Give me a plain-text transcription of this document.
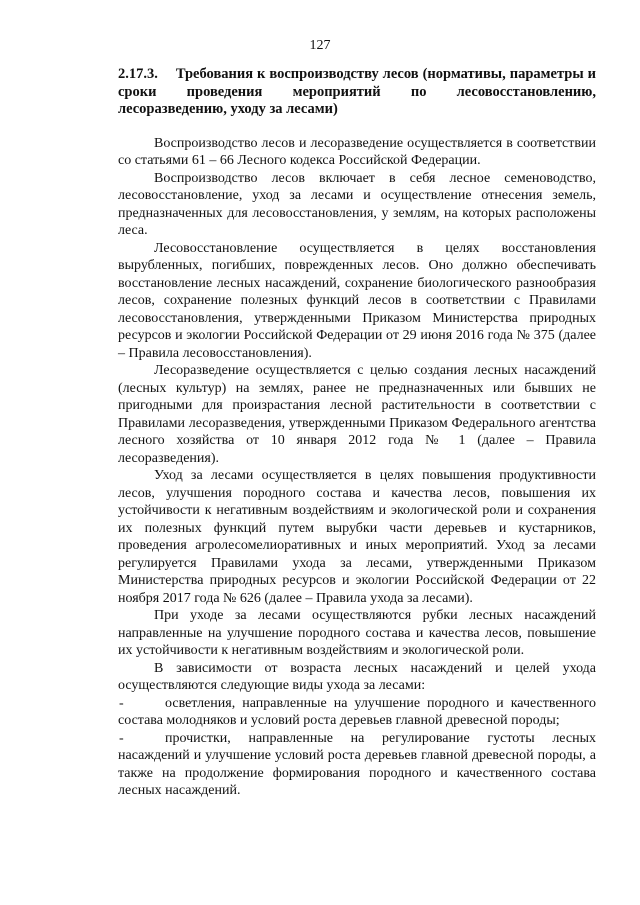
127
2.17.3. Требования к воспроизводству лесов (нормативы, параметры и сроки проведения мероприятий по лесовосстановлению, лесоразведению, уходу за лесами)

Воспроизводство лесов и лесоразведение осуществляется в соответствии со статьями 61 – 66 Лесного кодекса Российской Федерации.

Воспроизводство лесов включает в себя лесное семеноводство, лесовосстановление, уход за лесами и осуществление отнесения земель, предназначенных для лесовосстановления, у землям, на которых расположены леса.

Лесовосстановление осуществляется в целях восстановления вырубленных, погибших, поврежденных лесов. Оно должно обеспечивать восстановление лесных насаждений, сохранение биологического разнообразия лесов, сохранение полезных функций лесов в соответствии с Правилами лесовосстановления, утвержденными Приказом Министерства природных ресурсов и экологии Российской Федерации от 29 июня 2016 года № 375 (далее – Правила лесовосстановления).

Лесоразведение осуществляется с целью создания лесных насаждений (лесных культур) на землях, ранее не предназначенных или бывших не пригодными для произрастания лесной растительности в соответствии с Правилами лесоразведения, утвержденными Приказом Федерального агентства лесного хозяйства от 10 января 2012 года № 1 (далее – Правила лесоразведения).

Уход за лесами осуществляется в целях повышения продуктивности лесов, улучшения породного состава и качества лесов, повышения их устойчивости к негативным воздействиям и экологической роли и сохранения их полезных функций путем вырубки части деревьев и кустарников, проведения агролесомелиоративных и иных мероприятий. Уход за лесами регулируется Правилами ухода за лесами, утвержденными Приказом Министерства природных ресурсов и экологии Российской Федерации от 22 ноября 2017 года № 626 (далее – Правила ухода за лесами).

При уходе за лесами осуществляются рубки лесных насаждений направленные на улучшение породного состава и качества лесов, повышение их устойчивости к негативным воздействиям и экологической роли.

В зависимости от возраста лесных насаждений и целей ухода осуществляются следующие виды ухода за лесами:

-	осветления, направленные на улучшение породного и качественного состава молодняков и условий роста деревьев главной древесной породы;

-	прочистки, направленные на регулирование густоты лесных насаждений и улучшение условий роста деревьев главной древесной породы, а также на продолжение формирования породного и качественного состава лесных насаждений.
